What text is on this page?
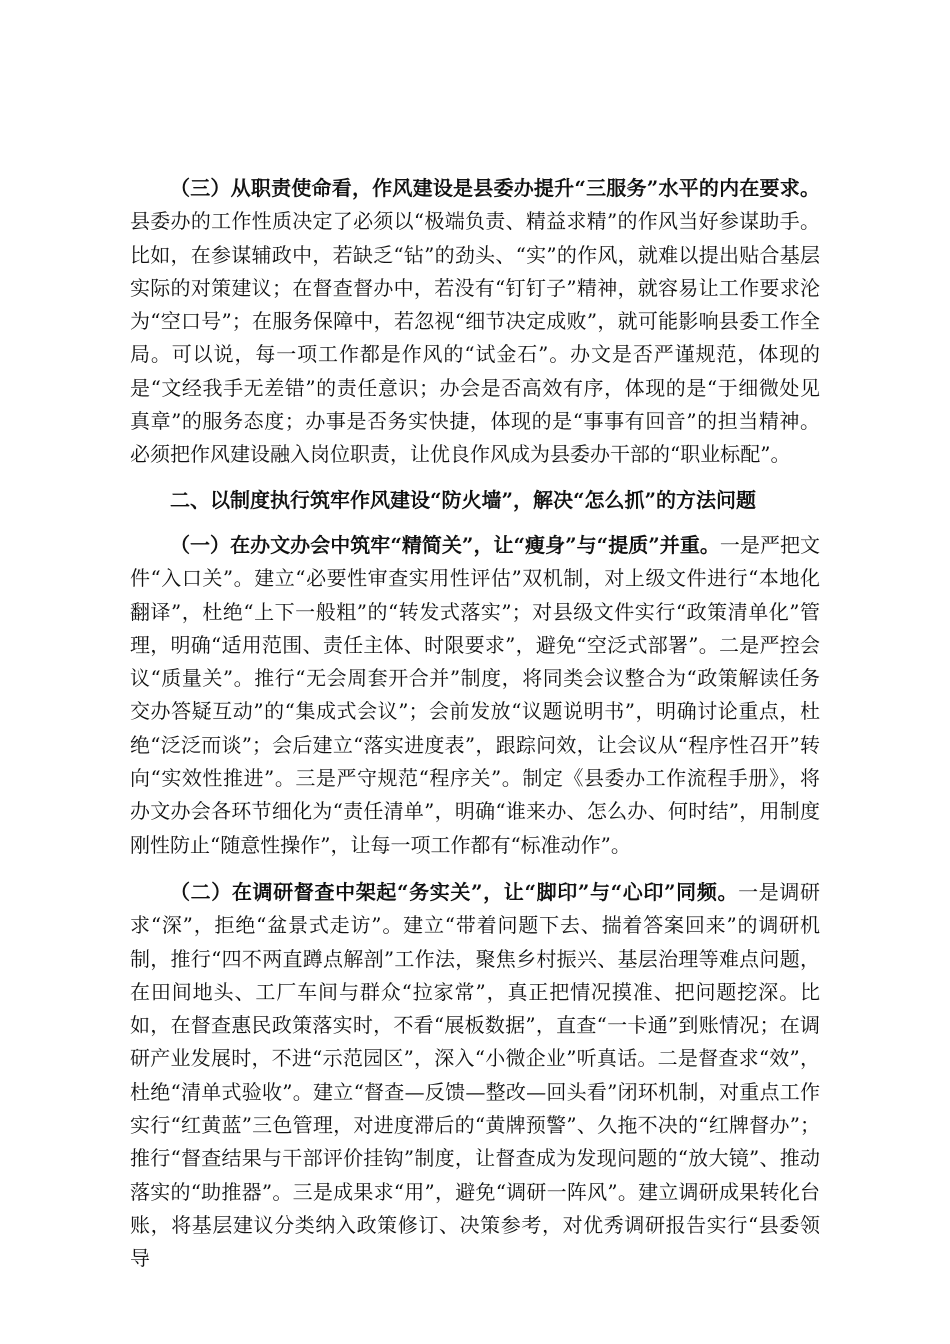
（三）从职责使命看，作风建设是县委办提升“三服务”水平的内在要求。县委办的工作性质决定了必须以“极端负责、精益求精”的作风当好参谋助手。比如，在参谋辅政中，若缺乏“钻”的劲头、“实”的作风，就难以提出贴合基层实际的对策建议；在督查督办中，若没有“钉钉子”精神，就容易让工作要求沦为“空口号”；在服务保障中，若忽视“细节决定成败”，就可能影响县委工作全局。可以说，每一项工作都是作风的“试金石”。办文是否严谨规范，体现的是“文经我手无差错”的责任意识；办会是否高效有序，体现的是“于细微处见真章”的服务态度；办事是否务实快捷，体现的是“事事有回音”的担当精神。必须把作风建设融入岗位职责，让优良作风成为县委办干部的“职业标配”。

二、以制度执行筑牢作风建设“防火墙”，解决“怎么抓”的方法问题

（一）在办文办会中筑牢“精简关”，让“瘦身”与“提质”并重。一是严把文件“入口关”。建立“必要性审查实用性评估”双机制，对上级文件进行“本地化翻译”，杜绝“上下一般粗”的“转发式落实”；对县级文件实行“政策清单化”管理，明确“适用范围、责任主体、时限要求”，避免“空泛式部署”。二是严控会议“质量关”。推行“无会周套开合并”制度，将同类会议整合为“政策解读任务交办答疑互动”的“集成式会议”；会前发放“议题说明书”，明确讨论重点，杜绝“泛泛而谈”；会后建立“落实进度表”，跟踪问效，让会议从“程序性召开”转向“实效性推进”。三是严守规范“程序关”。制定《县委办工作流程手册》，将办文办会各环节细化为“责任清单”，明确“谁来办、怎么办、何时结”，用制度刚性防止“随意性操作”，让每一项工作都有“标准动作”。

（二）在调研督查中架起“务实关”，让“脚印”与“心印”同频。一是调研求“深”，拒绝“盆景式走访”。建立“带着问题下去、揣着答案回来”的调研机制，推行“四不两直蹲点解剖”工作法，聚焦乡村振兴、基层治理等难点问题，在田间地头、工厂车间与群众“拉家常”，真正把情况摸准、把问题挖深。比如，在督查惠民政策落实时，不看“展板数据”，直查“一卡通”到账情况；在调研产业发展时，不进“示范园区”，深入“小微企业”听真话。二是督查求“效”，杜绝“清单式验收”。建立“督查—反馈—整改—回头看”闭环机制，对重点工作实行“红黄蓝”三色管理，对进度滞后的“黄牌预警”、久拖不决的“红牌督办”；推行“督查结果与干部评价挂钩”制度，让督查成为发现问题的“放大镜”、推动落实的“助推器”。三是成果求“用”，避免“调研一阵风”。建立调研成果转化台账，将基层建议分类纳入政策修订、决策参考，对优秀调研报告实行“县委领导
